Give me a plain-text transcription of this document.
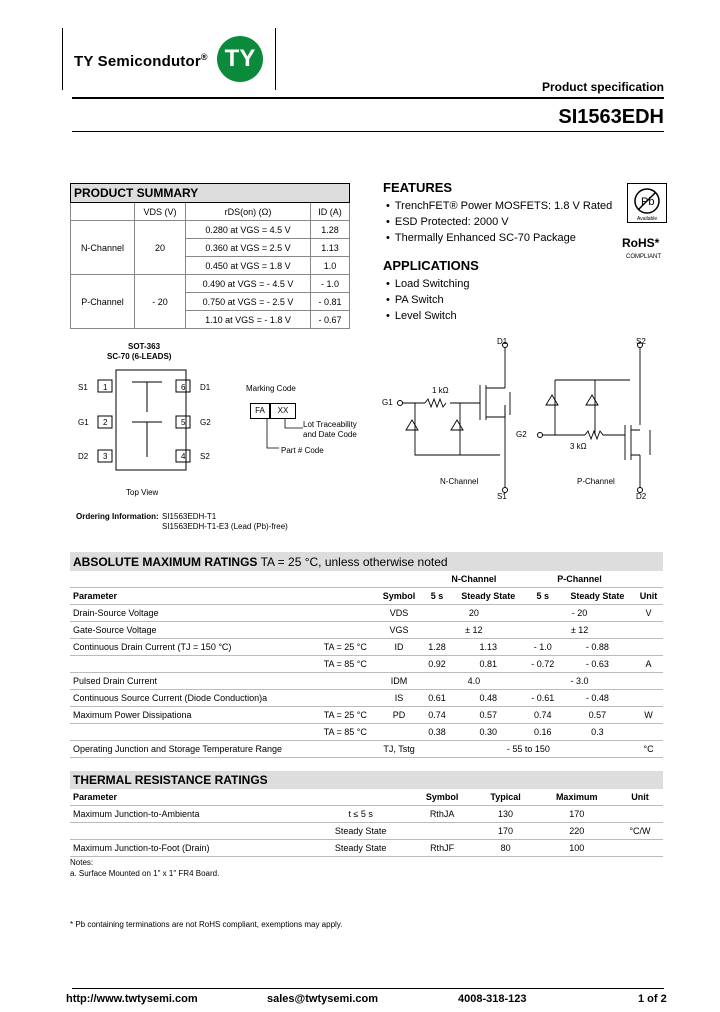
TY Semicondutor® TY
Product specification
SI1563EDH
PRODUCT SUMMARY			
	VDS (V)	rDS(on) (Ω)	ID (A)
N-Channel	20	0.280 at VGS = 4.5 V	1.28
		0.360 at VGS = 2.5 V	1.13
		0.450 at VGS = 1.8 V	1.0
P-Channel	- 20	0.490 at VGS = - 4.5 V	- 1.0
		0.750 at VGS = - 2.5 V	- 0.81
		1.10 at VGS = - 1.8 V	- 0.67
FEATURES
• TrenchFET® Power MOSFETS: 1.8 V Rated
• ESD Protected: 2000 V
• Thermally Enhanced SC-70 Package
APPLICATIONS
• Load Switching
• PA Switch
• Level Switch
Pb
Available
RoHS*
COMPLIANT
SOT-363
SC-70 (6-LEADS)
S1 1
G1 2
D2 3
6 D1
5 G2
4 S2
Top View
Marking Code
FA	XX
Lot Traceability
and Date Code
Part # Code
D1
S1
G1
1 kΩ
N-Channel
S2
D2
G2
3 kΩ
P-Channel
Ordering Information: SI1563EDH-T1
SI1563EDH-T1-E3 (Lead (Pb)-free)
ABSOLUTE MAXIMUM RATINGS TA = 25 °C, unless otherwise noted							
			N-Channel		P-Channel		
Parameter		Symbol	5 s	Steady State	5 s	Steady State	Unit
Drain-Source Voltage		VDS	20		- 20		V
Gate-Source Voltage		VGS	± 12		± 12		
Continuous Drain Current (TJ = 150 °C)	TA = 25 °C	ID	1.28	1.13	- 1.0	- 0.88	
	TA = 85 °C		0.92	0.81	- 0.72	- 0.63	A
Pulsed Drain Current		IDM	4.0		- 3.0		
Continuous Source Current (Diode Conduction)a		IS	0.61	0.48	- 0.61	- 0.48	
Maximum Power Dissipationa	TA = 25 °C	PD	0.74	0.57	0.74	0.57	W
	TA = 85 °C		0.38	0.30	0.16	0.3	
Operating Junction and Storage Temperature Range		TJ, Tstg	- 55 to 150				°C
THERMAL RESISTANCE RATINGS					
Parameter		Symbol	Typical	Maximum	Unit
Maximum Junction-to-Ambienta	t ≤ 5 s	RthJA	130	170	
	Steady State		170	220	°C/W
Maximum Junction-to-Foot (Drain)	Steady State	RthJF	80	100	
Notes:
a. Surface Mounted on 1" x 1" FR4 Board.
* Pb containing terminations are not RoHS compliant, exemptions may apply.
http://www.twtysemi.com	sales@twtysemi.com	4008-318-123	1 of 2
